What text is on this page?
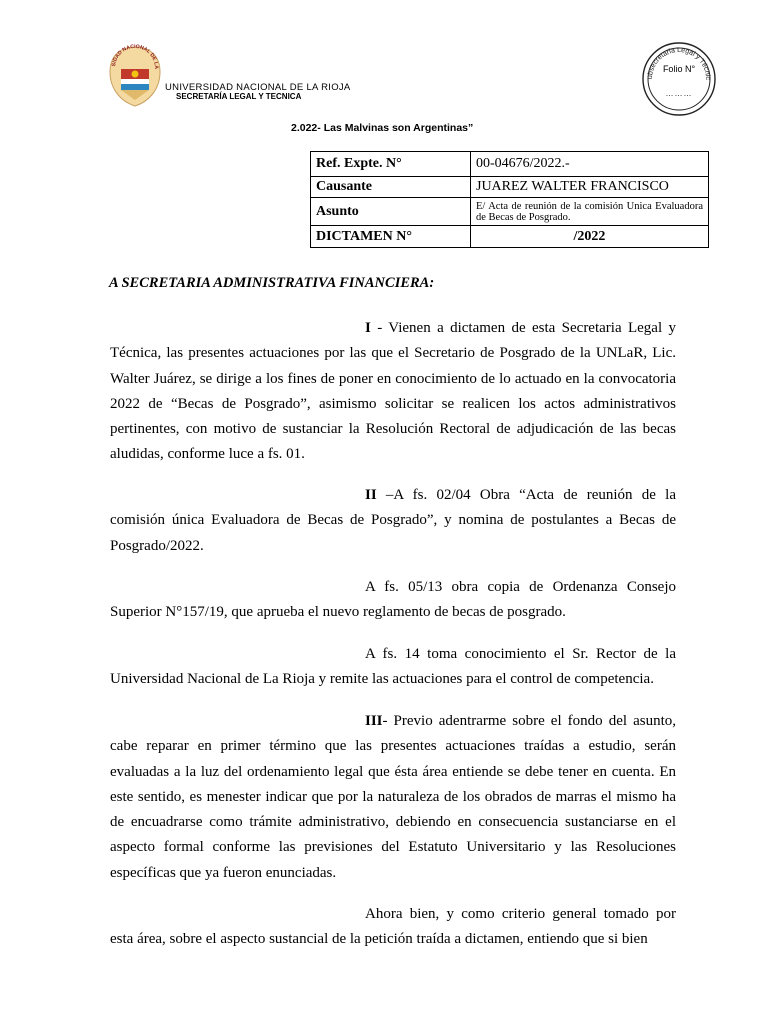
SIDAD NACIONAL DE LA
UNIVERSIDAD NACIONAL DE LA RIOJA
SECRETARÍA LEGAL Y TECNICA
ubsecretaria Legal y Técnic
Folio N°
………
2.022- Las Malvinas son Argentinas”
Ref. Expte. N°	00-04676/2022.-
Causante	JUAREZ WALTER FRANCISCO
Asunto	E/ Acta de reunión de la comisión Unica Evaluadora de Becas de Posgrado.
DICTAMEN N°	/2022
A SECRETARIA ADMINISTRATIVA FINANCIERA:

I - Vienen a dictamen de esta Secretaria Legal y Técnica, las presentes actuaciones por las que el Secretario de Posgrado de la UNLaR, Lic. Walter Juárez, se dirige a los fines de poner en conocimiento de lo actuado en la convocatoria 2022 de “Becas de Posgrado”, asimismo solicitar se realicen los actos administrativos pertinentes, con motivo de sustanciar la Resolución Rectoral de adjudicación de las becas aludidas, conforme luce a fs. 01.

II –A fs. 02/04 Obra “Acta de reunión de la comisión única Evaluadora de Becas de Posgrado”, y nomina de postulantes a Becas de Posgrado/2022.

A fs. 05/13 obra copia de Ordenanza Consejo Superior N°157/19, que aprueba el nuevo reglamento de becas de posgrado.

A fs. 14 toma conocimiento el Sr. Rector de la Universidad Nacional de La Rioja y remite las actuaciones para el control de competencia.

III- Previo adentrarme sobre el fondo del asunto, cabe reparar en primer término que las presentes actuaciones traídas a estudio, serán evaluadas a la luz del ordenamiento legal que ésta área entiende se debe tener en cuenta. En este sentido, es menester indicar que por la naturaleza de los obrados de marras el mismo ha de encuadrarse como trámite administrativo, debiendo en consecuencia sustanciarse en el aspecto formal conforme las previsiones del Estatuto Universitario y las Resoluciones específicas que ya fueron enunciadas.

Ahora bien, y como criterio general tomado por esta área, sobre el aspecto sustancial de la petición traída a dictamen, entiendo que si bien
